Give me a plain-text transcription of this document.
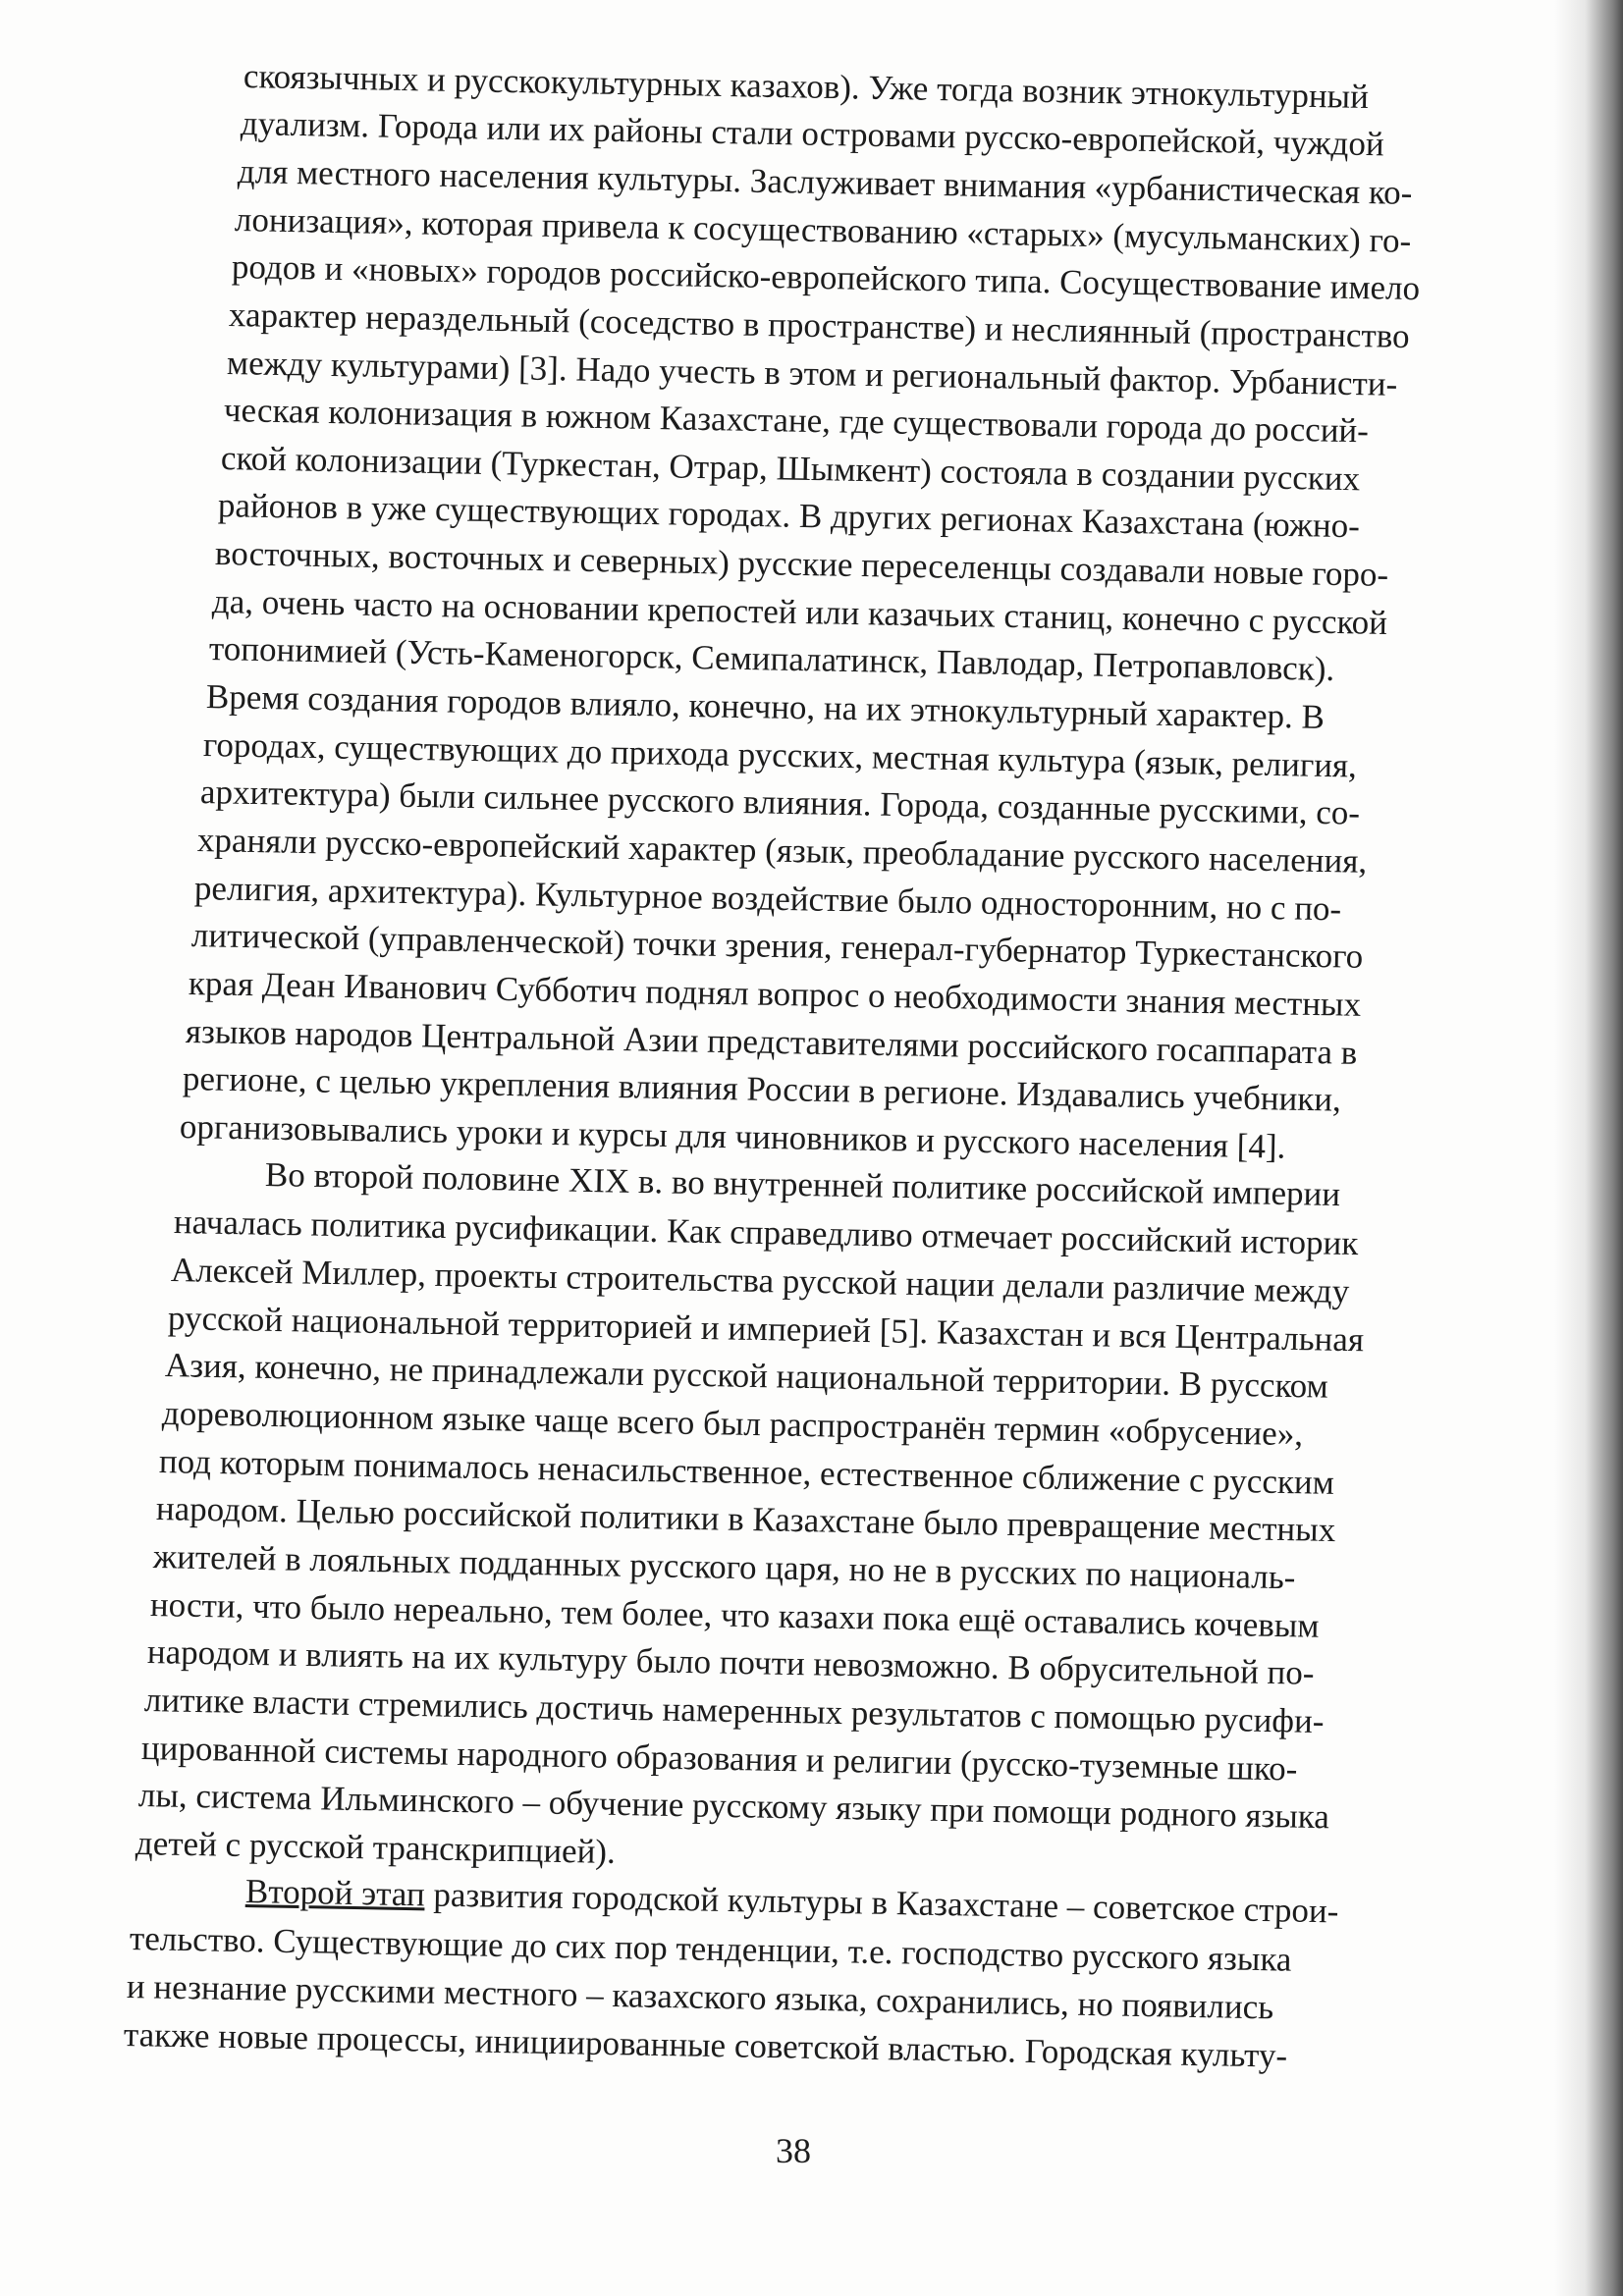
скоязычных и русскокультурных казахов). Уже тогда возник этнокультурный
дуализм. Города или их районы стали островами русско-европейской, чуждой
для местного населения культуры. Заслуживает внимания «урбанистическая ко-
лонизация», которая привела к сосуществованию «старых» (мусульманских) го-
родов и «новых» городов российско-европейского типа. Сосуществование имело
характер нераздельный (соседство в пространстве) и неслиянный (пространство
между культурами) [3]. Надо учесть в этом и региональный фактор. Урбанисти-
ческая колонизация в южном Казахстане, где существовали города до россий-
ской колонизации (Туркестан, Отрар, Шымкент) состояла в создании русских
районов в уже существующих городах. В других регионах Казахстана (южно-
восточных, восточных и северных) русские переселенцы создавали новые горо-
да, очень часто на основании крепостей или казачьих станиц, конечно с русской
топонимией (Усть-Каменогорск, Семипалатинск, Павлодар, Петропавловск).
Время создания городов влияло, конечно, на их этнокультурный характер. В
городах, существующих до прихода русских, местная культура (язык, религия,
архитектура) были сильнее русского влияния. Города, созданные русскими, со-
храняли русско-европейский характер (язык, преобладание русского населения,
религия, архитектура). Культурное воздействие было односторонним, но с по-
литической (управленческой) точки зрения, генерал-губернатор Туркестанского
края Деан Иванович Субботич поднял вопрос о необходимости знания местных
языков народов Центральной Азии представителями российского госаппарата в
регионе, с целью укрепления влияния России в регионе. Издавались учебники,
организовывались уроки и курсы для чиновников и русского населения [4].
Во второй половине XIX в. во внутренней политике российской империи
началась политика русификации. Как справедливо отмечает российский историк
Алексей Миллер, проекты строительства русской нации делали различие между
русской национальной территорией и империей [5]. Казахстан и вся Центральная
Азия, конечно, не принадлежали русской национальной территории. В русском
дореволюционном языке чаще всего был распространён термин «обрусение»,
под которым понималось ненасильственное, естественное сближение с русским
народом. Целью российской политики в Казахстане было превращение местных
жителей в лояльных подданных русского царя, но не в русских по националь-
ности, что было нереально, тем более, что казахи пока ещё оставались кочевым
народом и влиять на их культуру было почти невозможно. В обрусительной по-
литике власти стремились достичь намеренных результатов с помощью русифи-
цированной системы народного образования и религии (русско-туземные шко-
лы, система Ильминского – обучение русскому языку при помощи родного языка
детей с русской транскрипцией).
Второй этап развития городской культуры в Казахстане – советское строи-
тельство. Существующие до сих пор тенденции, т.е. господство русского языка
и незнание русскими местного – казахского языка, сохранились, но появились
также новые процессы, инициированные советской властью. Городская культу-
38
